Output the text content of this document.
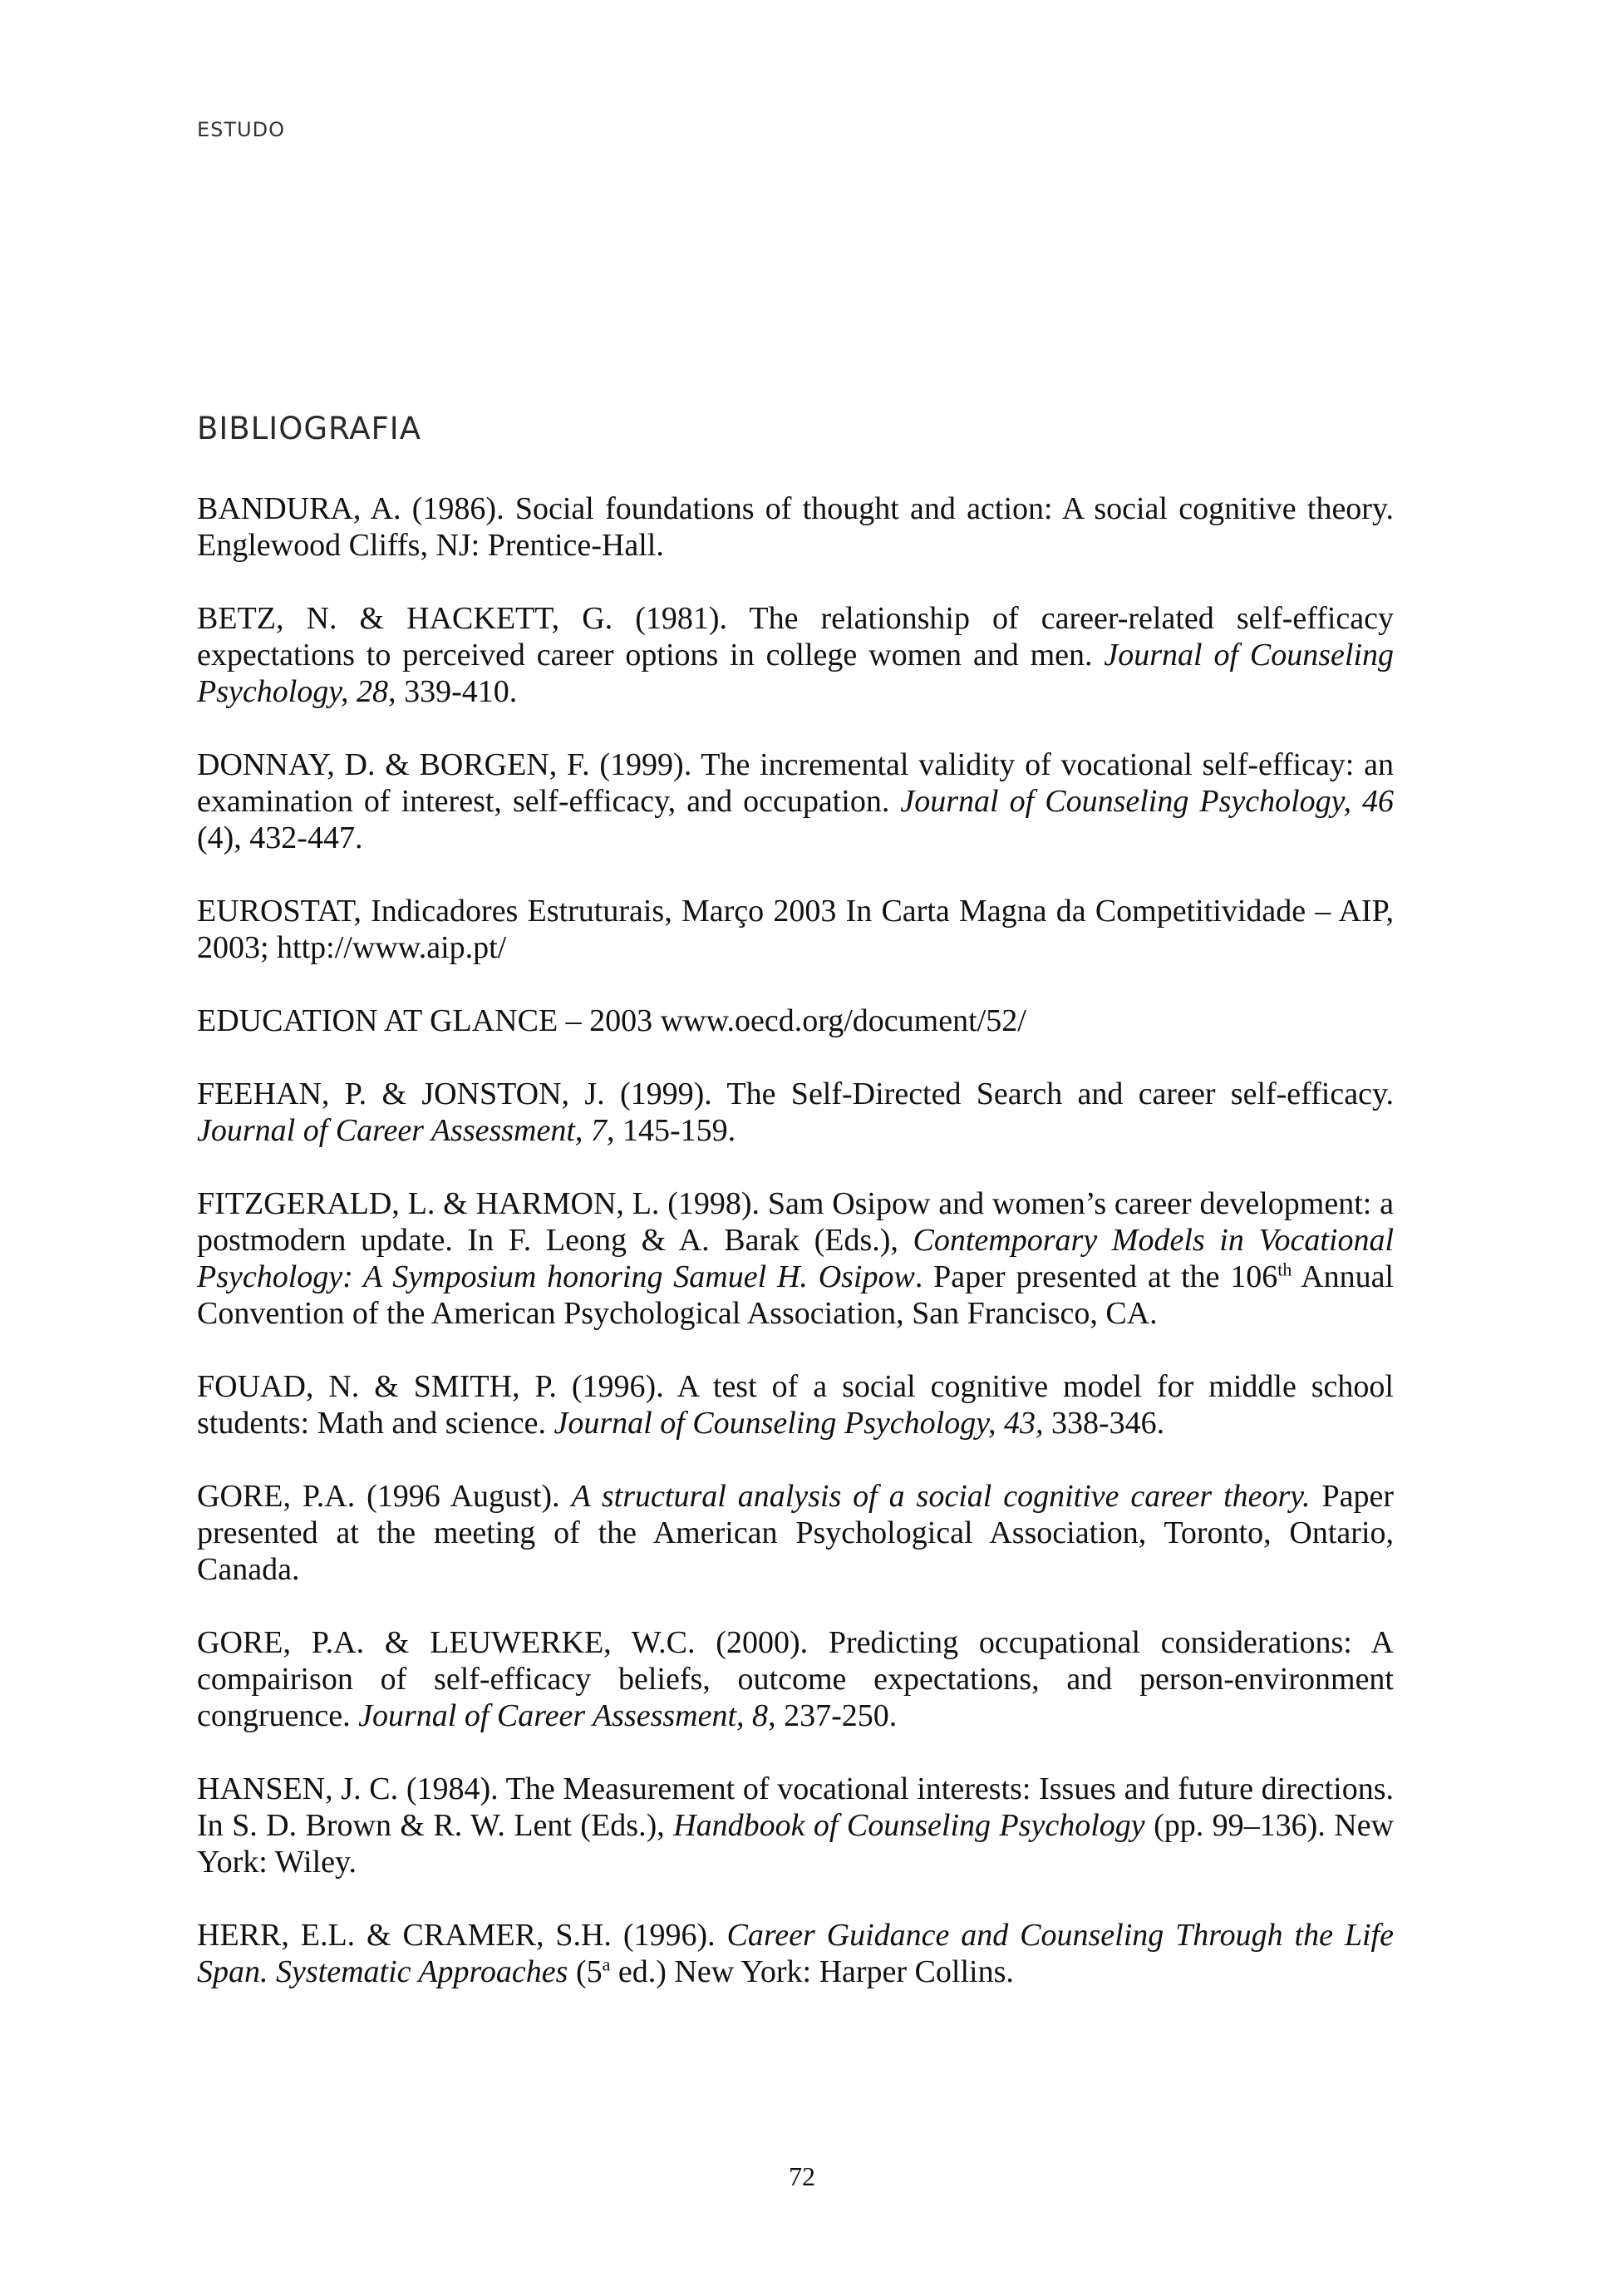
ESTUDO
BIBLIOGRAFIA

BANDURA, A. (1986). Social foundations of thought and action: A social cognitive theory. Englewood Cliffs, NJ: Prentice-Hall.

BETZ, N. & HACKETT, G. (1981). The relationship of career-related self-efficacy expectations to perceived career options in college women and men. Journal of Counseling Psychology, 28, 339-410.

DONNAY, D. & BORGEN, F. (1999). The incremental validity of vocational self-efficay: an examination of interest, self-efficacy, and occupation. Journal of Counseling Psychology, 46 (4), 432-447.

EUROSTAT, Indicadores Estruturais, Março 2003 In Carta Magna da Competitividade – AIP, 2003; http://www.aip.pt/

EDUCATION AT GLANCE – 2003 www.oecd.org/document/52/

FEEHAN, P. & JONSTON, J. (1999). The Self-Directed Search and career self-efficacy. Journal of Career Assessment, 7, 145-159.

FITZGERALD, L. & HARMON, L. (1998). Sam Osipow and women’s career development: a postmodern update. In F. Leong & A. Barak (Eds.), Contemporary Models in Vocational Psychology: A Symposium honoring Samuel H. Osipow. Paper presented at the 106th Annual Convention of the American Psychological Association, San Francisco, CA.

FOUAD, N. & SMITH, P. (1996). A test of a social cognitive model for middle school students: Math and science. Journal of Counseling Psychology, 43, 338-346.

GORE, P.A. (1996 August). A structural analysis of a social cognitive career theory. Paper presented at the meeting of the American Psychological Association, Toronto, Ontario, Canada.

GORE, P.A. & LEUWERKE, W.C. (2000). Predicting occupational considerations: A compairison of self-efficacy beliefs, outcome expectations, and person-environment congruence. Journal of Career Assessment, 8, 237-250.

HANSEN, J. C. (1984). The Measurement of vocational interests: Issues and future directions. In S. D. Brown & R. W. Lent (Eds.), Handbook of Counseling Psychology (pp. 99–136). New York: Wiley.

HERR, E.L. & CRAMER, S.H. (1996). Career Guidance and Counseling Through the Life Span. Systematic Approaches (5$^a$ ed.) New York: Harper Collins.

72
